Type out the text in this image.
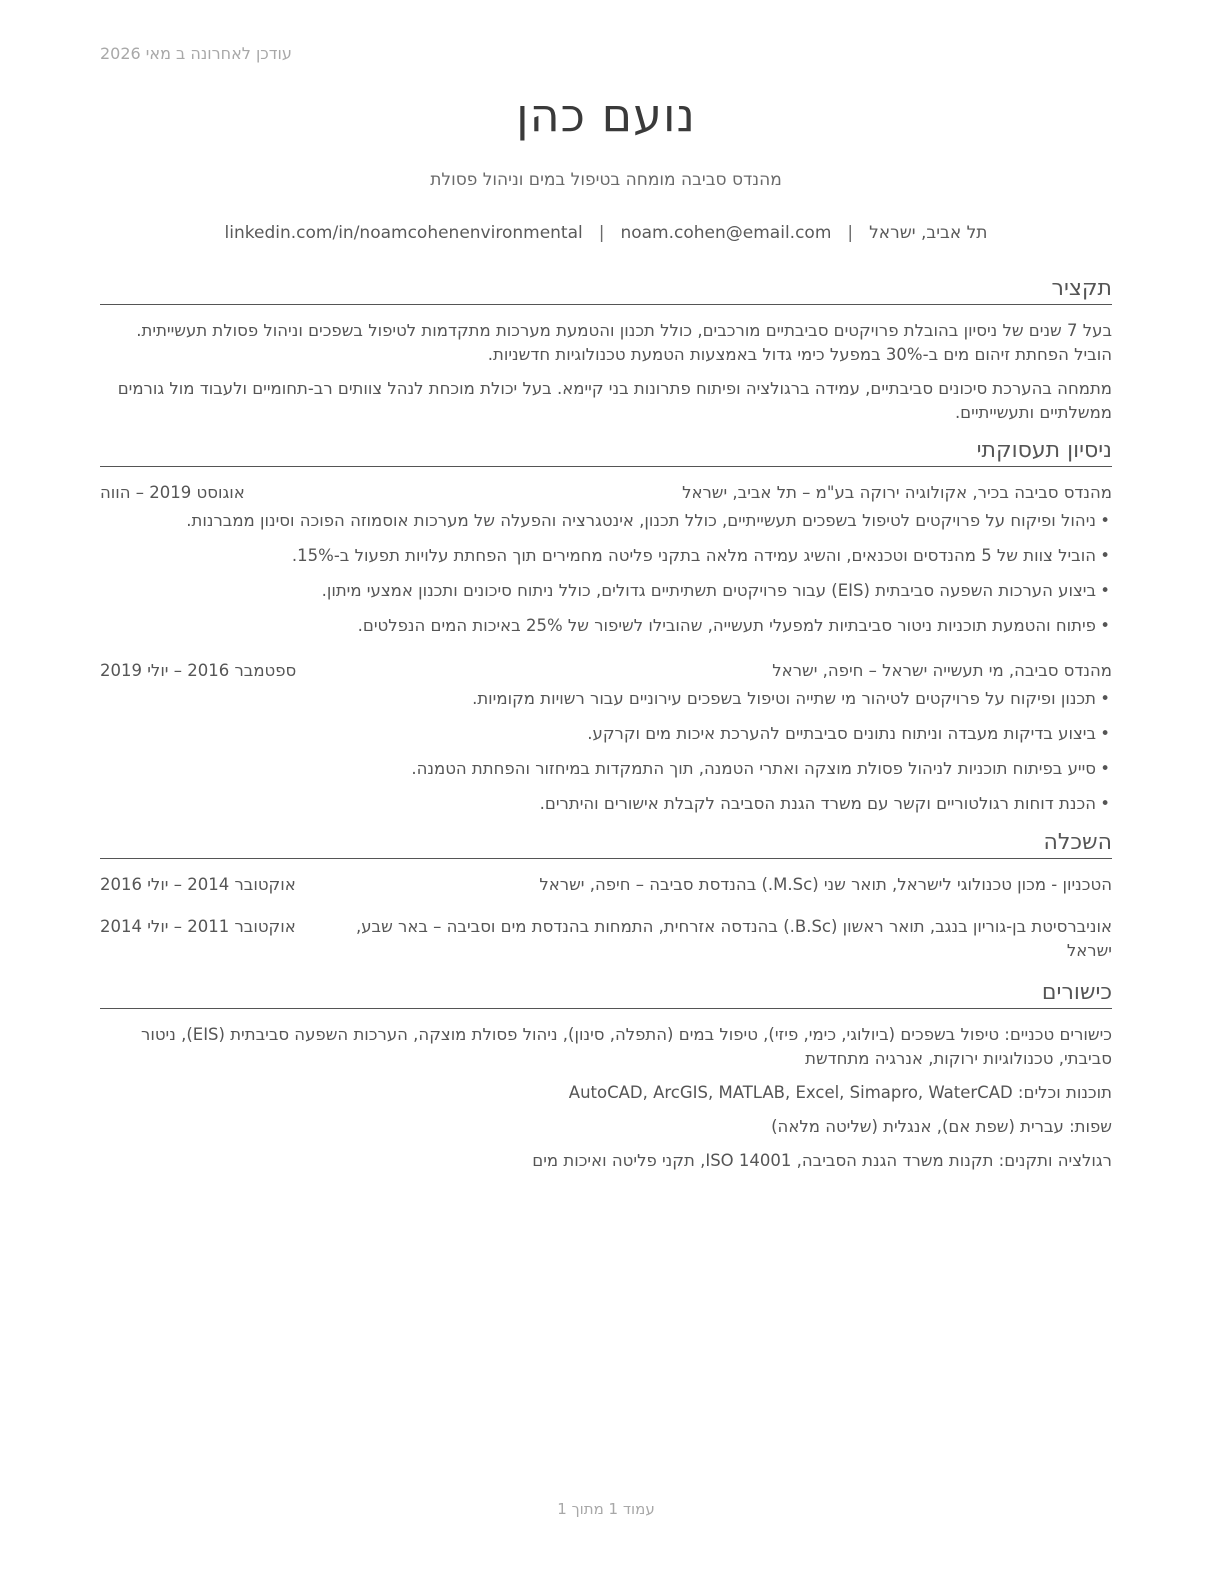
עודכן לאחרונה ב מאי 2026
נועם כהן
מהנדס סביבה מומחה בטיפול במים וניהול פסולת
תל אביב, ישראל|noam.cohen@email.com|linkedin.com/in/noamcohenenvironmental
תקציר

בעל 7 שנים של ניסיון בהובלת פרויקטים סביבתיים מורכבים, כולל תכנון והטמעת מערכות מתקדמות לטיפול בשפכים וניהול פסולת תעשייתית. הוביל הפחתת זיהום מים ב-30% במפעל כימי גדול באמצעות הטמעת טכנולוגיות חדשניות.

מתמחה בהערכת סיכונים סביבתיים, עמידה ברגולציה ופיתוח פתרונות בני קיימא. בעל יכולת מוכחת לנהל צוותים רב-תחומיים ולעבוד מול גורמים ממשלתיים ותעשייתיים.

ניסיון תעסוקתי
מהנדס סביבה בכיר, אקולוגיה ירוקה בע"מ – תל אביב, ישראל
אוגוסט 2019 – הווה
•
ניהול ופיקוח על פרויקטים לטיפול בשפכים תעשייתיים, כולל תכנון, אינטגרציה והפעלה של מערכות אוסמוזה הפוכה וסינון ממברנות.
•
הוביל צוות של 5 מהנדסים וטכנאים, והשיג עמידה מלאה בתקני פליטה מחמירים תוך הפחתת עלויות תפעול ב-15%.
•
ביצוע הערכות השפעה סביבתית (EIS) עבור פרויקטים תשתיתיים גדולים, כולל ניתוח סיכונים ותכנון אמצעי מיתון.
•
פיתוח והטמעת תוכניות ניטור סביבתיות למפעלי תעשייה, שהובילו לשיפור של 25% באיכות המים הנפלטים.
מהנדס סביבה, מי תעשייה ישראל – חיפה, ישראל
ספטמבר 2016 – יולי 2019
•
תכנון ופיקוח על פרויקטים לטיהור מי שתייה וטיפול בשפכים עירוניים עבור רשויות מקומיות.
•
ביצוע בדיקות מעבדה וניתוח נתונים סביבתיים להערכת איכות מים וקרקע.
•
סייע בפיתוח תוכניות לניהול פסולת מוצקה ואתרי הטמנה, תוך התמקדות במיחזור והפחתת הטמנה.
•
הכנת דוחות רגולטוריים וקשר עם משרד הגנת הסביבה לקבלת אישורים והיתרים.
השכלה
הטכניון - מכון טכנולוגי לישראל, תואר שני (M.Sc.) בהנדסת סביבה – חיפה, ישראל
אוקטובר 2014 – יולי 2016
אוניברסיטת בן-גוריון בנגב, תואר ראשון (B.Sc.) בהנדסה אזרחית, התמחות בהנדסת מים וסביבה – באר שבע, ישראל
אוקטובר 2011 – יולי 2014
כישורים

כישורים טכניים: טיפול בשפכים (ביולוגי, כימי, פיזי), טיפול במים (התפלה, סינון), ניהול פסולת מוצקה, הערכות השפעה סביבתית (EIS), ניטור סביבתי, טכנולוגיות ירוקות, אנרגיה מתחדשת

תוכנות וכלים: AutoCAD, ArcGIS, MATLAB, Excel, Simapro, WaterCAD

שפות: עברית (שפת אם), אנגלית (שליטה מלאה)

רגולציה ותקנים: תקנות משרד הגנת הסביבה, ISO 14001, תקני פליטה ואיכות מים

עמוד 1 מתוך 1
